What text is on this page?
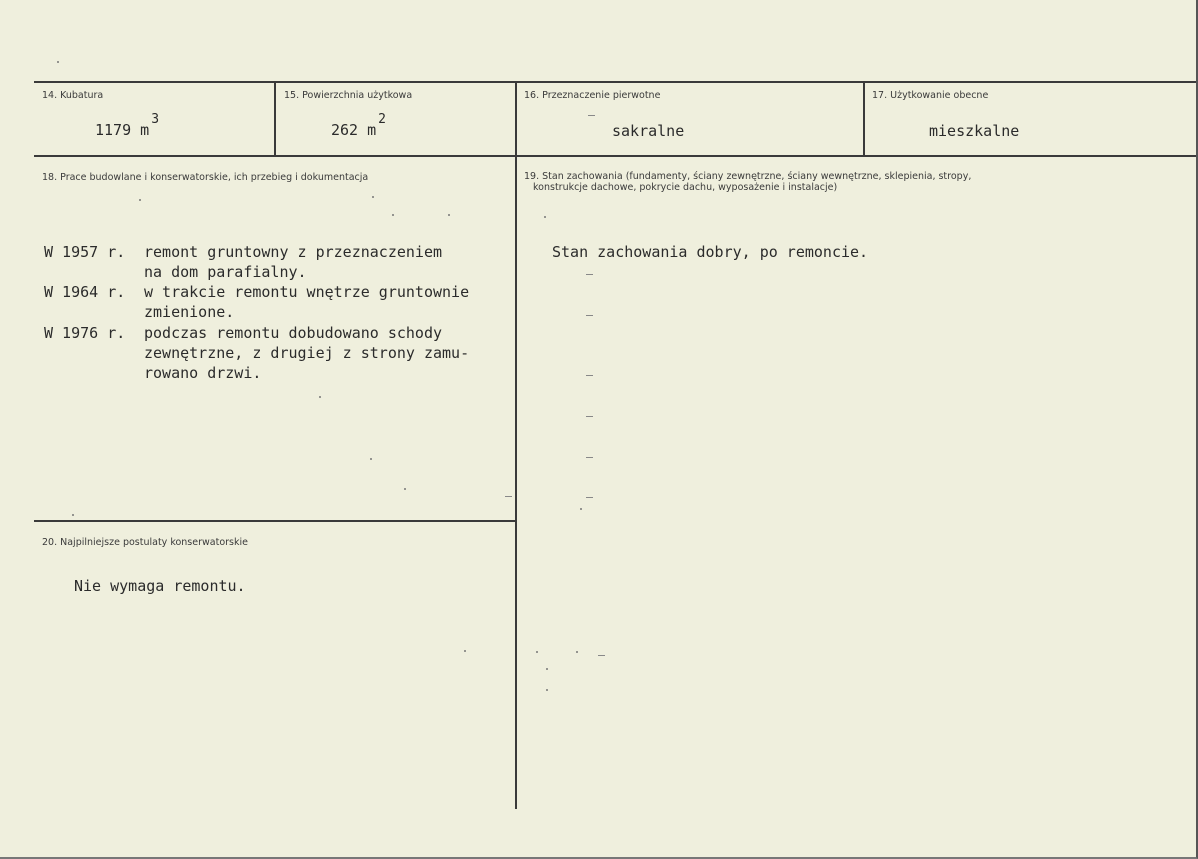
14. Kubatura
1179 m3
15. Powierzchnia użytkowa
262 m2
16. Przeznaczenie pierwotne
sakralne
17. Użytkowanie obecne
mieszkalne
18. Prace budowlane i konserwatorskie, ich przebieg i dokumentacja
W 1957 r. remont gruntowny z przeznaczeniem
na dom parafialny.
W 1964 r. w trakcie remontu wnętrze gruntownie
zmienione.
W 1976 r. podczas remontu dobudowano schody
zewnętrzne, z drugiej z strony zamu-
rowano drzwi.
19. Stan zachowania (fundamenty, ściany zewnętrzne, ściany wewnętrzne, sklepienia, stropy,
konstrukcje dachowe, pokrycie dachu, wyposażenie i instalacje)
Stan zachowania dobry, po remoncie.
20. Najpilniejsze postulaty konserwatorskie
Nie wymaga remontu.
